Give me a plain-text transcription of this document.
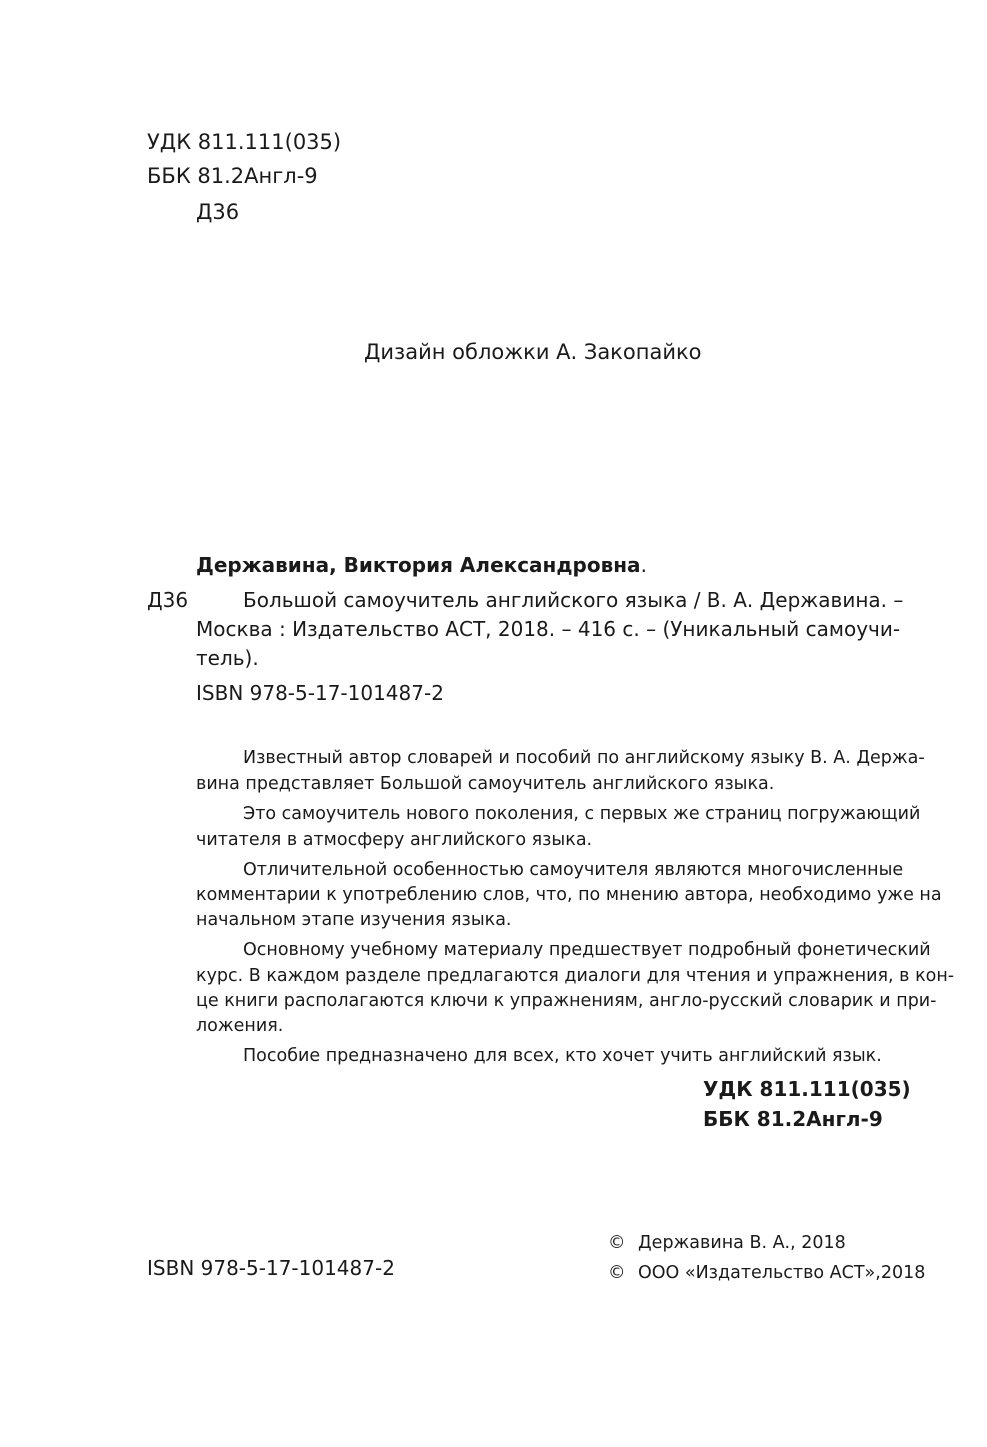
УДК 811.111(035)
ББК 81.2Англ-9
Д36
Дизайн обложки А. Закопайко
Державина, Виктория Александровна.
Д36	Большой самоучитель английского языка / В. А. Державина. –
Москва : Издательство АСТ, 2018. – 416 с. – (Уникальный самоучи-
тель).
ISBN 978-5-17-101487-2
Известный автор словарей и пособий по английскому языку В. А. Держа-
вина представляет Большой самоучитель английского языка.
Это самоучитель нового поколения, с первых же страниц погружающий
читателя в атмосферу английского языка.
Отличительной особенностью самоучителя являются многочисленные
комментарии к употреблению слов, что, по мнению автора, необходимо уже на
начальном этапе изучения языка.
Основному учебному материалу предшествует подробный фонетический
курс. В каждом разделе предлагаются диалоги для чтения и упражнения, в кон-
це книги располагаются ключи к упражнениям, англо-русский словарик и при-
ложения.
Пособие предназначено для всех, кто хочет учить английский язык.
УДК 811.111(035)
ББК 81.2Англ-9
ISBN 978-5-17-101487-2
© Державина В. А., 2018
© ООО «Издательство АСТ»,2018
